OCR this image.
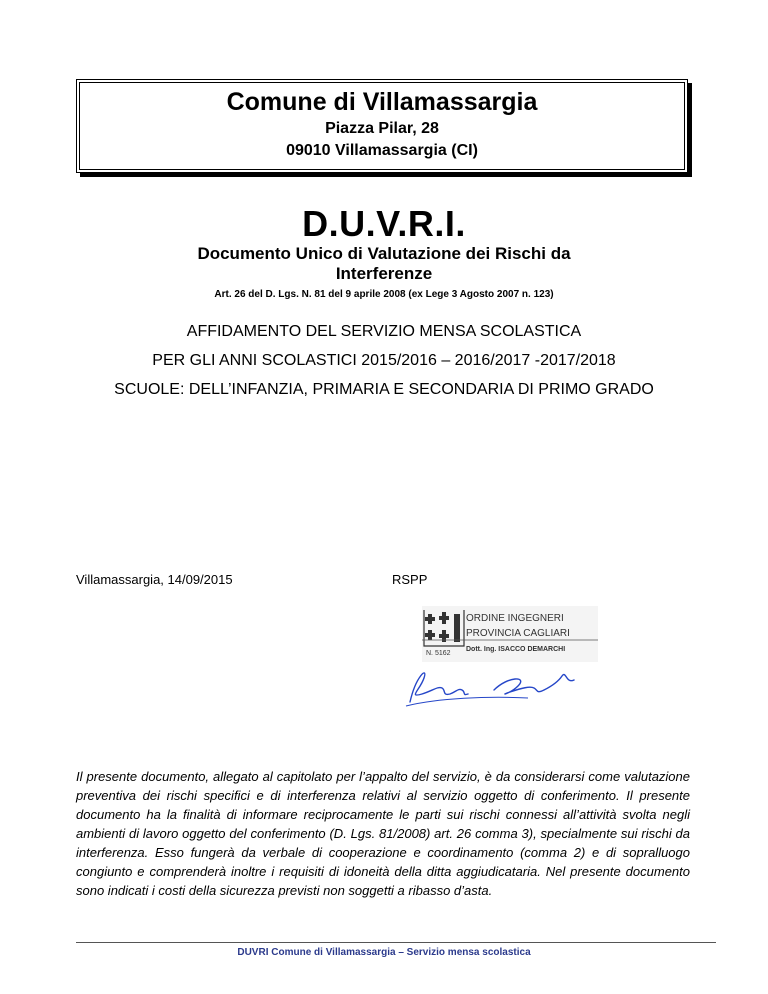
Comune di Villamassargia
Piazza Pilar, 28
09010 Villamassargia (CI)
D.U.V.R.I.
Documento Unico di Valutazione dei Rischi da
Interferenze
Art. 26 del D. Lgs. N. 81 del 9 aprile 2008 (ex Lege 3 Agosto 2007 n. 123)
AFFIDAMENTO DEL SERVIZIO MENSA SCOLASTICA
PER GLI ANNI SCOLASTICI 2015/2016 – 2016/2017 -2017/2018
SCUOLE: DELL’INFANZIA, PRIMARIA E SECONDARIA DI PRIMO GRADO
Villamassargia, 14/09/2015	RSPP
ORDINE INGEGNERI
PROVINCIA CAGLIARI
N. 5162
Dott. Ing. ISACCO DEMARCHI
Il presente documento, allegato al capitolato per l’appalto del servizio, è da considerarsi come valutazione preventiva dei rischi specifici e di interferenza relativi al servizio oggetto di conferimento. Il presente documento ha la finalità di informare reciprocamente le parti sui rischi connessi all’attività svolta negli ambienti di lavoro oggetto del conferimento (D. Lgs. 81/2008) art. 26 comma 3), specialmente sui rischi da interferenza. Esso fungerà da verbale di cooperazione e coordinamento (comma 2) e di sopralluogo congiunto e comprenderà inoltre i requisiti di idoneità della ditta aggiudicataria. Nel presente documento sono indicati i costi della sicurezza previsti non soggetti a ribasso d’asta.
DUVRI Comune di Villamassargia – Servizio mensa scolastica
